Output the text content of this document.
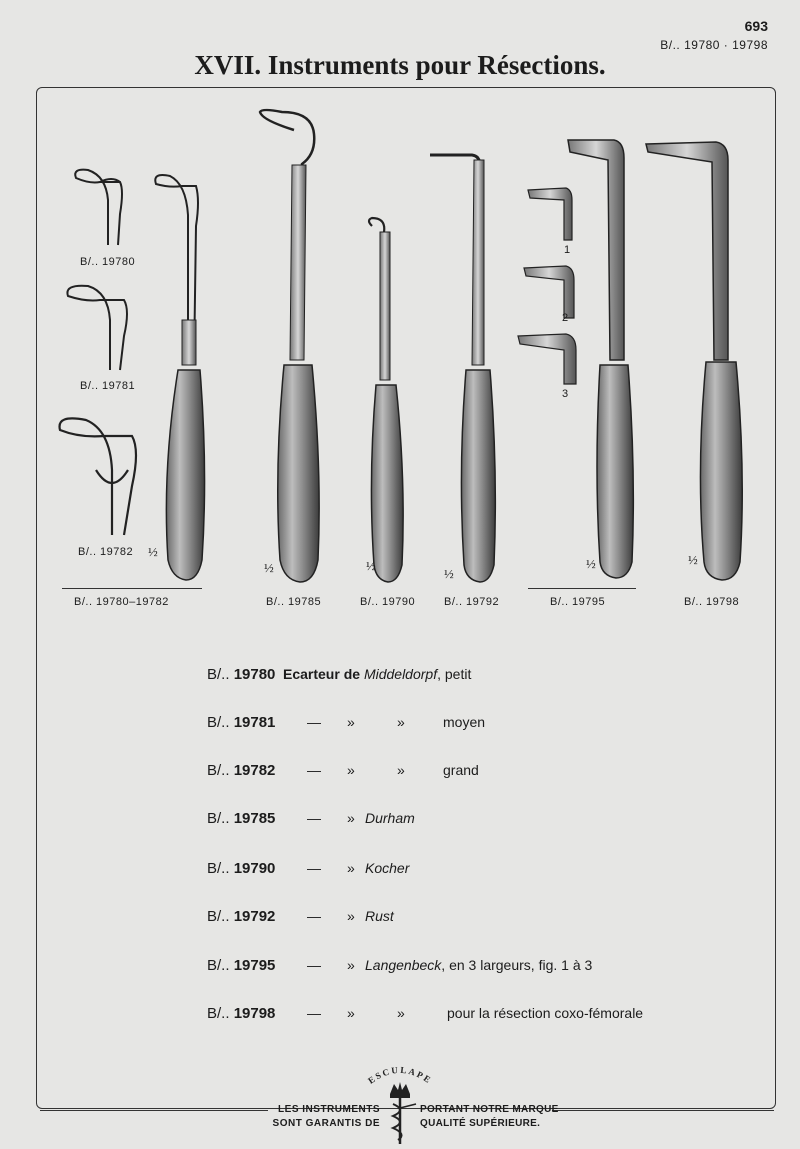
693
B/.. 19780 · 19798
XVII. Instruments pour Résections.
B/.. 19780
B/.. 19781
B/.. 19782 ½
B/.. 19780–19782
½
B/.. 19785
½
B/.. 19790
½
B/.. 19792
1
2
3
½
B/.. 19795
½
B/.. 19798
B/.. 19780 Ecarteur de Middeldorpf, petit
B/.. 19781 — »	»	moyen
B/.. 19782 — »	»	grand
B/.. 19785 — » Durham
B/.. 19790 — » Kocher
B/.. 19792 — » Rust
B/.. 19795 — » Langenbeck, en 3 largeurs, fig. 1 à 3
B/.. 19798 — »	»	pour la résection coxo-fémorale
ESCULAPE
LES INSTRUMENTS
SONT GARANTIS DE
PORTANT NOTRE MARQUE
QUALITÉ SUPÉRIEURE.
